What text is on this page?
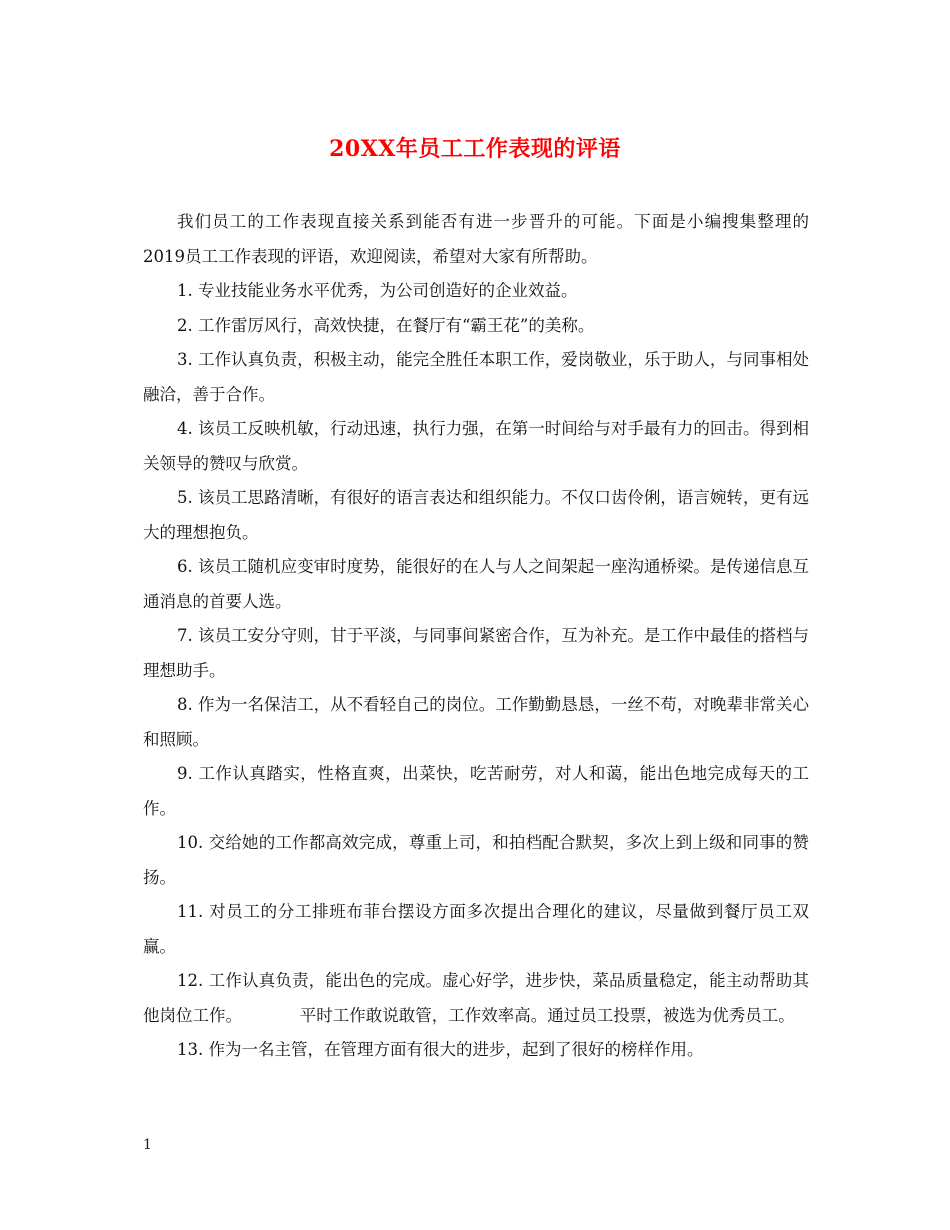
20XX年员工工作表现的评语

我们员工的工作表现直接关系到能否有进一步晋升的可能。下面是小编搜集整理的2019员工工作表现的评语，欢迎阅读，希望对大家有所帮助。

1. 专业技能业务水平优秀，为公司创造好的企业效益。

2. 工作雷厉风行，高效快捷，在餐厅有“霸王花”的美称。

3. 工作认真负责，积极主动，能完全胜任本职工作，爱岗敬业，乐于助人，与同事相处融洽，善于合作。

4. 该员工反映机敏，行动迅速，执行力强，在第一时间给与对手最有力的回击。得到相关领导的赞叹与欣赏。

5. 该员工思路清晰，有很好的语言表达和组织能力。不仅口齿伶俐，语言婉转，更有远大的理想抱负。

6. 该员工随机应变审时度势，能很好的在人与人之间架起一座沟通桥梁。是传递信息互通消息的首要人选。

7. 该员工安分守则，甘于平淡，与同事间紧密合作，互为补充。是工作中最佳的搭档与理想助手。

8. 作为一名保洁工，从不看轻自己的岗位。工作勤勤恳恳，一丝不苟，对晚辈非常关心和照顾。

9. 工作认真踏实，性格直爽，出菜快，吃苦耐劳，对人和蔼，能出色地完成每天的工作。

10. 交给她的工作都高效完成，尊重上司，和拍档配合默契，多次上到上级和同事的赞扬。

11. 对员工的分工排班布菲台摆设方面多次提出合理化的建议，尽量做到餐厅员工双赢。

12. 工作认真负责，能出色的完成。虚心好学，进步快，菜品质量稳定，能主动帮助其他岗位工作。　　　　平时工作敢说敢管，工作效率高。通过员工投票，被选为优秀员工。

13. 作为一名主管，在管理方面有很大的进步，起到了很好的榜样作用。

1
